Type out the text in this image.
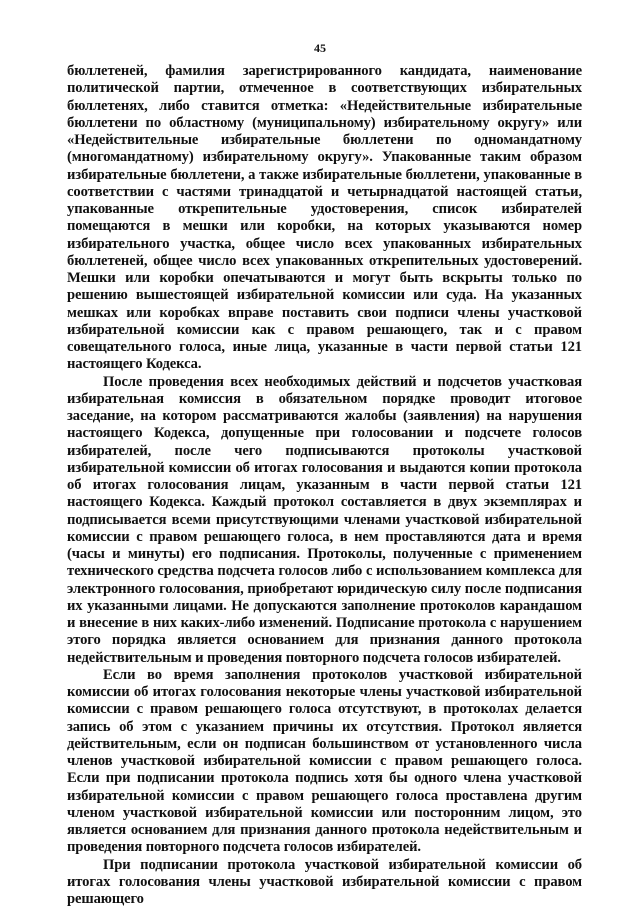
45

бюллетеней, фамилия зарегистрированного кандидата, наименование политической партии, отмеченное в соответствующих избирательных бюллетенях, либо ставится отметка: «Недействительные избирательные бюллетени по областному (муниципальному) избирательному округу» или «Недействительные избирательные бюллетени по одномандатному (многомандатному) избирательному округу». Упакованные таким образом избирательные бюллетени, а также избирательные бюллетени, упакованные в соответствии с частями тринадцатой и четырнадцатой настоящей статьи, упакованные открепительные удостоверения, список избирателей помещаются в мешки или коробки, на которых указываются номер избирательного участка, общее число всех упакованных избирательных бюллетеней, общее число всех упакованных открепительных удостоверений. Мешки или коробки опечатываются и могут быть вскрыты только по решению вышестоящей избирательной комиссии или суда. На указанных мешках или коробках вправе поставить свои подписи члены участковой избирательной комиссии как с правом решающего, так и с правом совещательного голоса, иные лица, указанные в части первой статьи 121 настоящего Кодекса.

После проведения всех необходимых действий и подсчетов участковая избирательная комиссия в обязательном порядке проводит итоговое заседание, на котором рассматриваются жалобы (заявления) на нарушения настоящего Кодекса, допущенные при голосовании и подсчете голосов избирателей, после чего подписываются протоколы участковой избирательной комиссии об итогах голосования и выдаются копии протокола об итогах голосования лицам, указанным в части первой статьи 121 настоящего Кодекса. Каждый протокол составляется в двух экземплярах и подписывается всеми присутствующими членами участковой избирательной комиссии с правом решающего голоса, в нем проставляются дата и время (часы и минуты) его подписания. Протоколы, полученные с применением технического средства подсчета голосов либо с использованием комплекса для электронного голосования, приобретают юридическую силу после подписания их указанными лицами. Не допускаются заполнение протоколов карандашом и внесение в них каких-либо изменений. Подписание протокола с нарушением этого порядка является основанием для признания данного протокола недействительным и проведения повторного подсчета голосов избирателей.

Если во время заполнения протоколов участковой избирательной комиссии об итогах голосования некоторые члены участковой избирательной комиссии с правом решающего голоса отсутствуют, в протоколах делается запись об этом с указанием причины их отсутствия. Протокол является действительным, если он подписан большинством от установленного числа членов участковой избирательной комиссии с правом решающего голоса. Если при подписании протокола подпись хотя бы одного члена участковой избирательной комиссии с правом решающего голоса проставлена другим членом участковой избирательной комиссии или посторонним лицом, это является основанием для признания данного протокола недействительным и проведения повторного подсчета голосов избирателей.

При подписании протокола участковой избирательной комиссии об итогах голосования члены участковой избирательной комиссии с правом решающего
